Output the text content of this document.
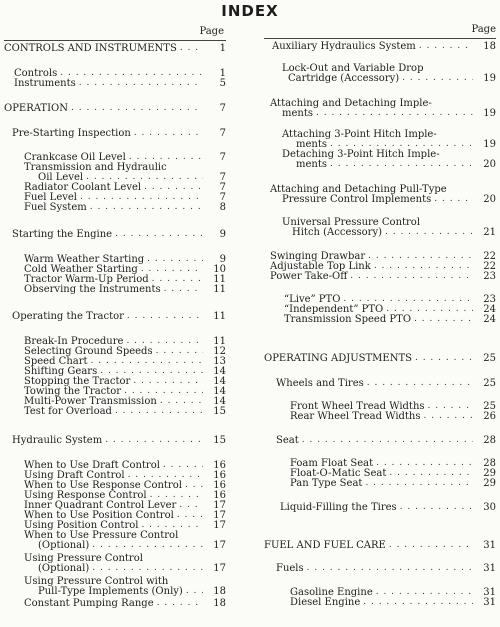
INDEX
Page
CONTROLS AND INSTRUMENTS . . .	1
Controls . . .	1
Instruments . . .	5
OPERATION . . .	7
Pre-Starting Inspection . . .	7
Crankcase Oil Level . . .	7
Transmission and Hydraulic
Oil Level . . .	7
Radiator Coolant Level . . .	7
Fuel Level . . .	7
Fuel System . . .	8
Starting the Engine . . .	9
Warm Weather Starting . . .	9
Cold Weather Starting . . .	10
Tractor Warm-Up Period . . .	11
Observing the Instruments . . .	11
Operating the Tractor . . .	11
Break-In Procedure . . .	11
Selecting Ground Speeds . . .	12
Speed Chart . . .	13
Shifting Gears . . .	14
Stopping the Tractor . . .	14
Towing the Tractor . . .	14
Multi-Power Transmission . . .	14
Test for Overload . . .	15
Hydraulic System . . .	15
When to Use Draft Control . . .	16
Using Draft Control . . .	16
When to Use Response Control . . .	16
Using Response Control . . .	16
Inner Quadrant Control Lever . . .	17
When to Use Position Control . . .	17
Using Position Control . . .	17
When to Use Pressure Control
(Optional) . . .	17
Using Pressure Control
(Optional) . . .	17
Using Pressure Control with
Pull-Type Implements (Only) . . .	18
Constant Pumping Range . . .	18
Page
Auxiliary Hydraulics System . . .	18
Lock-Out and Variable Drop
Cartridge (Accessory) . . .	19
Attaching and Detaching Imple-
ments . . .	19
Attaching 3-Point Hitch Imple-
ments . . .	19
Detaching 3-Point Hitch Imple-
ments . . .	20
Attaching and Detaching Pull-Type
Pressure Control Implements . . .	20
Universal Pressure Control
Hitch (Accessory) . . .	21
Swinging Drawbar . . .	22
Adjustable Top Link . . .	22
Power Take-Off . . .	23
“Live” PTO . . .	23
“Independent” PTO . . .	24
Transmission Speed PTO . . .	24
OPERATING ADJUSTMENTS . . .	25
Wheels and Tires . . .	25
Front Wheel Tread Widths . . .	25
Rear Wheel Tread Widths . . .	26
Seat . . .	28
Foam Float Seat . . .	28
Float-O-Matic Seat . . .	29
Pan Type Seat . . .	29
Liquid-Filling the Tires . . .	30
FUEL AND FUEL CARE . . .	31
Fuels . . .	31
Gasoline Engine . . .	31
Diesel Engine . . .	31
